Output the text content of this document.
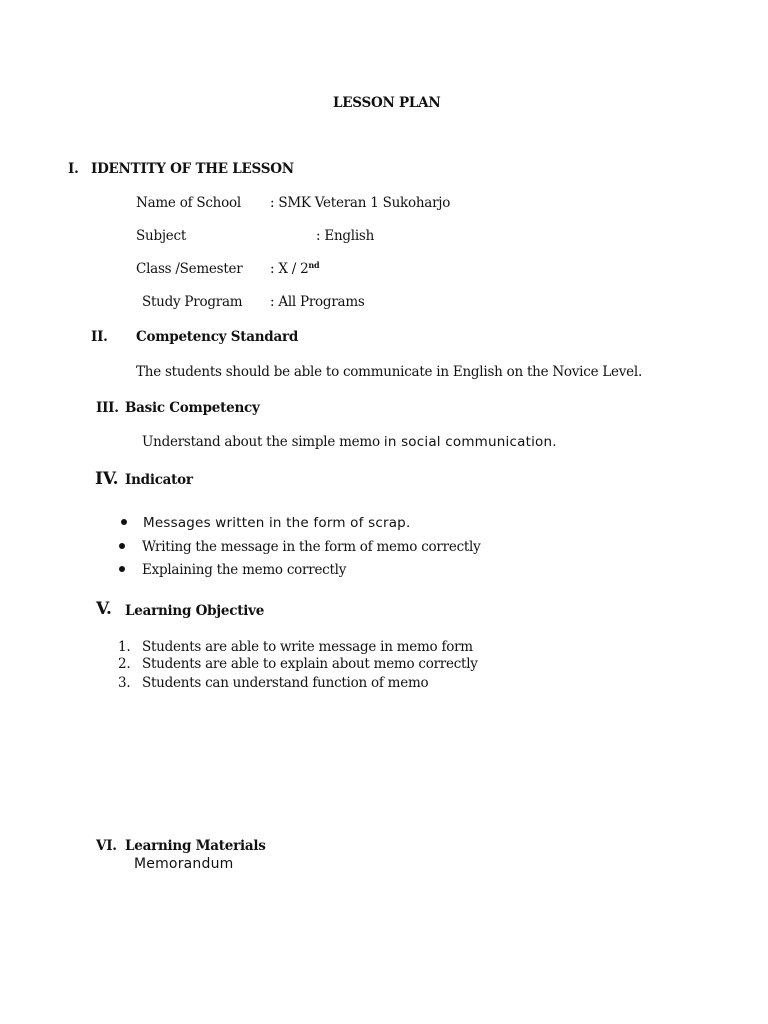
LESSON PLAN
I. IDENTITY OF THE LESSON
Name of School : SMK Veteran 1 Sukoharjo
Subject	: English
Class /Semester : X / 2nd
Study Program : All Programs
II. Competency Standard
The students should be able to communicate in English on the Novice Level.
III. Basic Competency
Understand about the simple memo in social communication.
IV. Indicator
Messages written in the form of scrap.
Writing the message in the form of memo correctly
Explaining the memo correctly
V. Learning Objective
1. Students are able to write message in memo form
2. Students are able to explain about memo correctly
3. Students can understand function of memo
VI. Learning Materials
Memorandum
